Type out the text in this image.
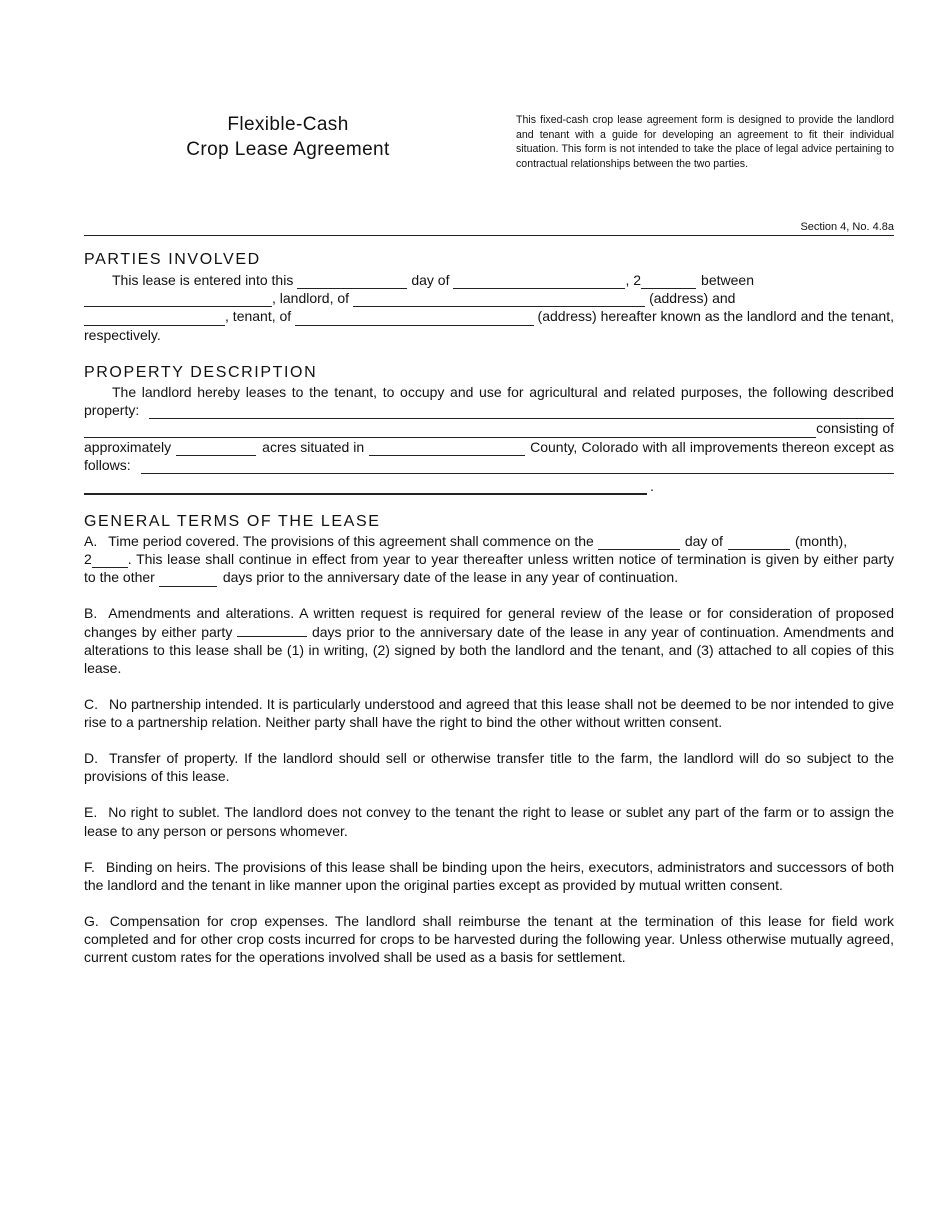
Flexible-Cash
Crop Lease Agreement
This fixed-cash crop lease agreement form is designed to provide the landlord and tenant with a guide for developing an agreement to fit their individual situation. This form is not intended to take the place of legal advice pertaining to contractual relationships between the two parties.
Section 4, No. 4.8a
PARTIES INVOLVED
This lease is entered into this	day of	, 2	between
, landlord, of	(address) and
, tenant, of	(address) hereafter known as the landlord and the tenant,
respectively.
PROPERTY DESCRIPTION
The landlord hereby leases to the tenant, to occupy and use for agricultural and related purposes, the following described
property:
consisting of
approximately	acres situated in	County, Colorado with all improvements thereon except as
follows:
.
GENERAL TERMS OF THE LEASE
A. Time period covered. The provisions of this agreement shall commence on the	day of	(month),
2	. This lease shall continue in effect from year to year thereafter unless written notice of termination is given by either party
to the other	days prior to the anniversary date of the lease in any year of continuation.
B. Amendments and alterations. A written request is required for general review of the lease or for consideration of proposed changes by either party	days prior to the anniversary date of the lease in any year of continuation. Amendments and alterations to this lease shall be (1) in writing, (2) signed by both the landlord and the tenant, and (3) attached to all copies of this lease.
C. No partnership intended. It is particularly understood and agreed that this lease shall not be deemed to be nor intended to give rise to a partnership relation. Neither party shall have the right to bind the other without written consent.
D. Transfer of property. If the landlord should sell or otherwise transfer title to the farm, the landlord will do so subject to the provisions of this lease.
E. No right to sublet. The landlord does not convey to the tenant the right to lease or sublet any part of the farm or to assign the lease to any person or persons whomever.
F. Binding on heirs. The provisions of this lease shall be binding upon the heirs, executors, administrators and successors of both the landlord and the tenant in like manner upon the original parties except as provided by mutual written consent.
G. Compensation for crop expenses. The landlord shall reimburse the tenant at the termination of this lease for field work completed and for other crop costs incurred for crops to be harvested during the following year. Unless otherwise mutually agreed, current custom rates for the operations involved shall be used as a basis for settlement.
